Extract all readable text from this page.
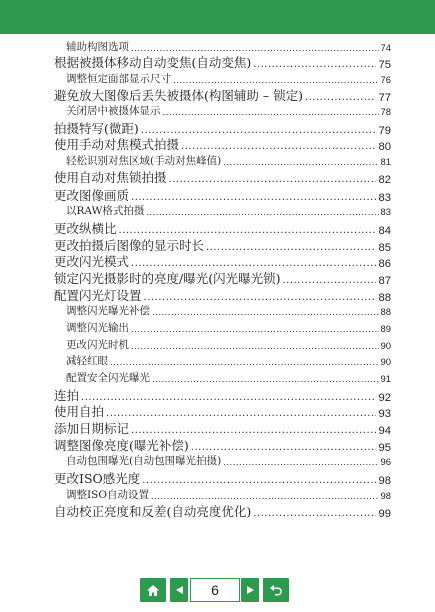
辅助构图选项 .....	74
根据被摄体移动自动变焦(自动变焦) .....	75
调整恒定面部显示尺寸 .....	76
避免放大图像后丢失被摄体(构图辅助 – 锁定) .....	77
关闭居中被摄体显示 .....	78
拍摄特写(微距) .....	79
使用手动对焦模式拍摄 .....	80
轻松识别对焦区域(手动对焦峰值) .....	81
使用自动对焦锁拍摄 .....	82
更改图像画质 .....	83
以RAW格式拍摄 .....	83
更改纵横比 .....	84
更改拍摄后图像的显示时长 .....	85
更改闪光模式 .....	86
锁定闪光摄影时的亮度/曝光(闪光曝光锁) .....	87
配置闪光灯设置 .....	88
调整闪光曝光补偿 .....	88
调整闪光输出 .....	89
更改闪光时机 .....	90
减轻红眼 .....	90
配置安全闪光曝光 .....	91
连拍 .....	92
使用自拍 .....	93
添加日期标记 .....	94
调整图像亮度(曝光补偿) .....	95
自动包围曝光(自动包围曝光拍摄) .....	96
更改ISO感光度 .....	98
调整ISO自动设置 .....	98
自动校正亮度和反差(自动亮度优化) .....	99
6
